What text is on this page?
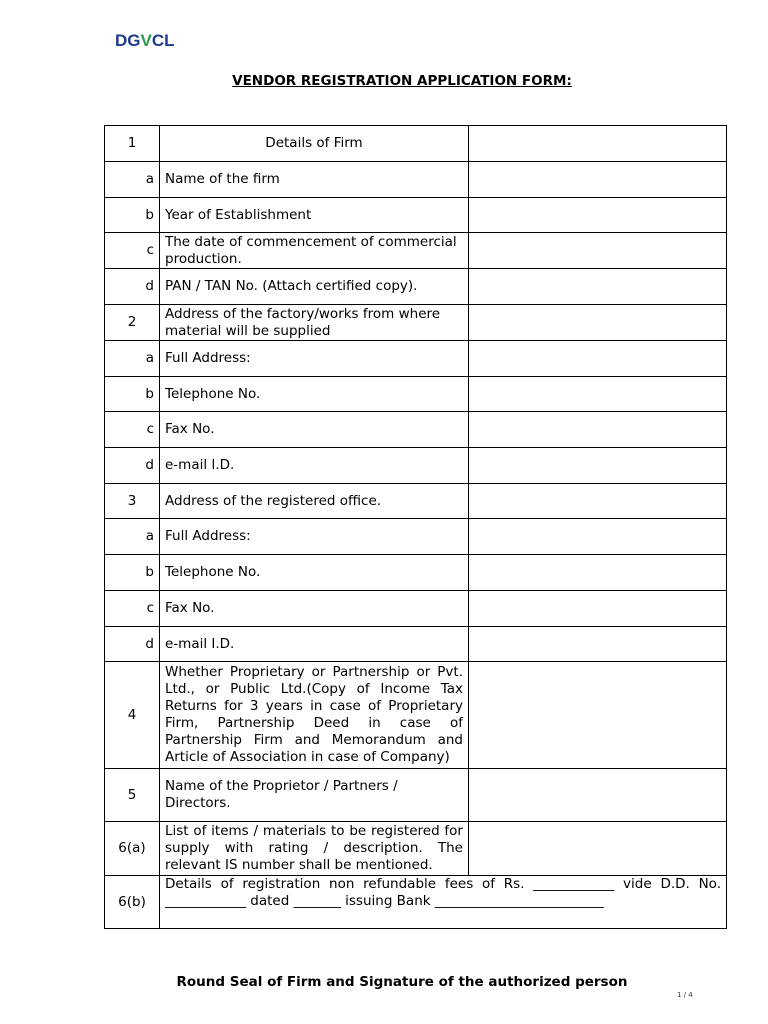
DGVCL
VENDOR REGISTRATION APPLICATION FORM:
1	Details of Firm	
a	Name of the firm	
b	Year of Establishment	
c	The date of commencement of commercial production.	
d	PAN / TAN No. (Attach certified copy).	
2	Address of the factory/works from where material will be supplied	
a	Full Address:	
b	Telephone No.	
c	Fax No.	
d	e-mail I.D.	
3	Address of the registered office.	
a	Full Address:	
b	Telephone No.	
c	Fax No.	
d	e-mail I.D.	
4	Whether Proprietary or Partnership or Pvt. Ltd., or Public Ltd.(Copy of Income Tax Returns for 3 years in case of Proprietary Firm, Partnership Deed in case of Partnership Firm and Memorandum and Article of Association in case of Company)	
5	Name of the Proprietor / Partners / Directors.	
6(a)	List of items / materials to be registered for supply with rating / description. The relevant IS number shall be mentioned.	
6(b)	Details of registration non refundable fees of Rs. ____________ vide D.D. No. ____________ dated _______ issuing Bank _________________________	
Round Seal of Firm and Signature of the authorized person
1 / 4
